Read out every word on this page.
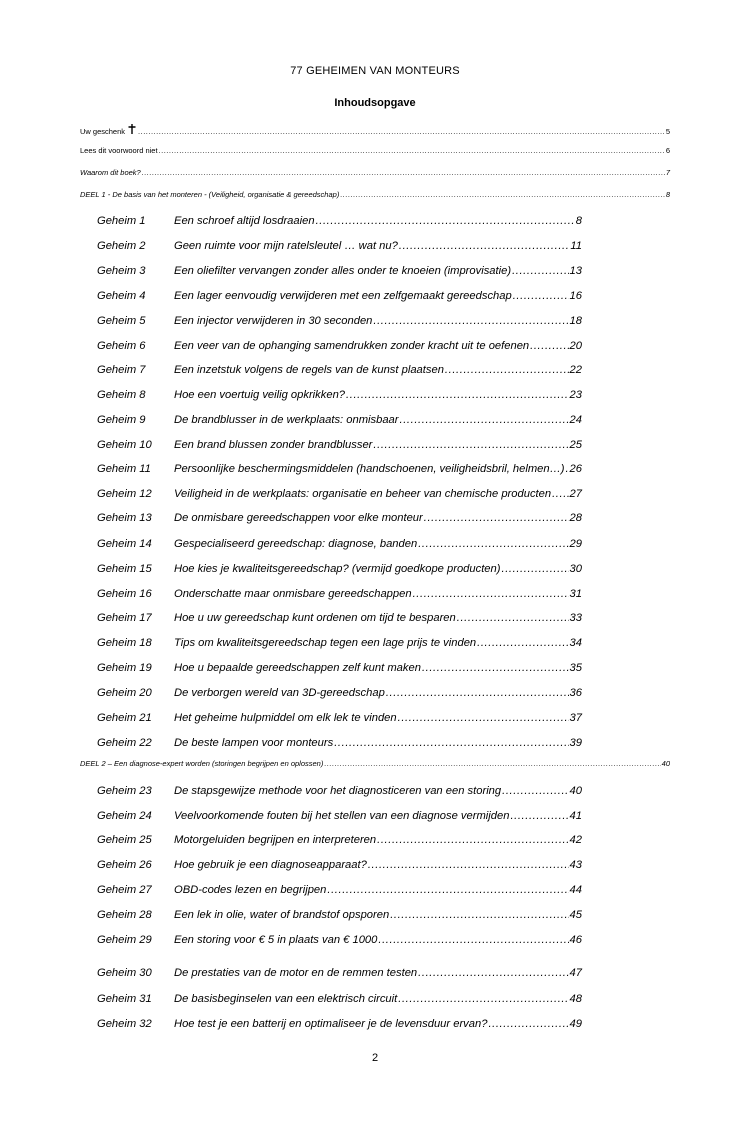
77 GEHEIMEN VAN MONTEURS
Inhoudsopgave
Uw geschenk .....	5
Lees dit voorwoord niet .....	6
Waarom dit boek? .....	7
DEEL 1 - De basis van het monteren - (Veiligheid, organisatie & gereedschap) .....	8
Geheim 1	Een schroef altijd losdraaien .....	8
Geheim 2	Geen ruimte voor mijn ratelsleutel … wat nu? .....	11
Geheim 3	Een oliefilter vervangen zonder alles onder te knoeien (improvisatie) .....	13
Geheim 4	Een lager eenvoudig verwijderen met een zelfgemaakt gereedschap .....	16
Geheim 5	Een injector verwijderen in 30 seconden .....	18
Geheim 6	Een veer van de ophanging samendrukken zonder kracht uit te oefenen .....	20
Geheim 7	Een inzetstuk volgens de regels van de kunst plaatsen .....	22
Geheim 8	Hoe een voertuig veilig opkrikken? .....	23
Geheim 9	De brandblusser in de werkplaats: onmisbaar .....	24
Geheim 10 Een brand blussen zonder brandblusser .....	25
Geheim 11 Persoonlijke beschermingsmiddelen (handschoenen, veiligheidsbril, helmen…) ..... 26
Geheim 12 Veiligheid in de werkplaats: organisatie en beheer van chemische producten ..... 27
Geheim 13 De onmisbare gereedschappen voor elke monteur .....	28
Geheim 14 Gespecialiseerd gereedschap: diagnose, banden .....	29
Geheim 15 Hoe kies je kwaliteitsgereedschap? (vermijd goedkope producten) .....	30
Geheim 16 Onderschatte maar onmisbare gereedschappen .....	31
Geheim 17 Hoe u uw gereedschap kunt ordenen om tijd te besparen .....	33
Geheim 18 Tips om kwaliteitsgereedschap tegen een lage prijs te vinden .....	34
Geheim 19 Hoe u bepaalde gereedschappen zelf kunt maken .....	35
Geheim 20 De verborgen wereld van 3D-gereedschap .....	36
Geheim 21 Het geheime hulpmiddel om elk lek te vinden .....	37
Geheim 22 De beste lampen voor monteurs .....	39
DEEL 2 – Een diagnose-expert worden (storingen begrijpen en oplossen) .....	40
Geheim 23 De stapsgewijze methode voor het diagnosticeren van een storing .....	40
Geheim 24 Veelvoorkomende fouten bij het stellen van een diagnose vermijden .....	41
Geheim 25 Motorgeluiden begrijpen en interpreteren .....	42
Geheim 26 Hoe gebruik je een diagnoseapparaat? .....	43
Geheim 27 OBD-codes lezen en begrijpen .....	44
Geheim 28 Een lek in olie, water of brandstof opsporen .....	45
Geheim 29 Een storing voor € 5 in plaats van € 1000 .....	46
Geheim 30 De prestaties van de motor en de remmen testen .....	47
Geheim 31 De basisbeginselen van een elektrisch circuit .....	48
Geheim 32 Hoe test je een batterij en optimaliseer je de levensduur ervan? .....	49
2
